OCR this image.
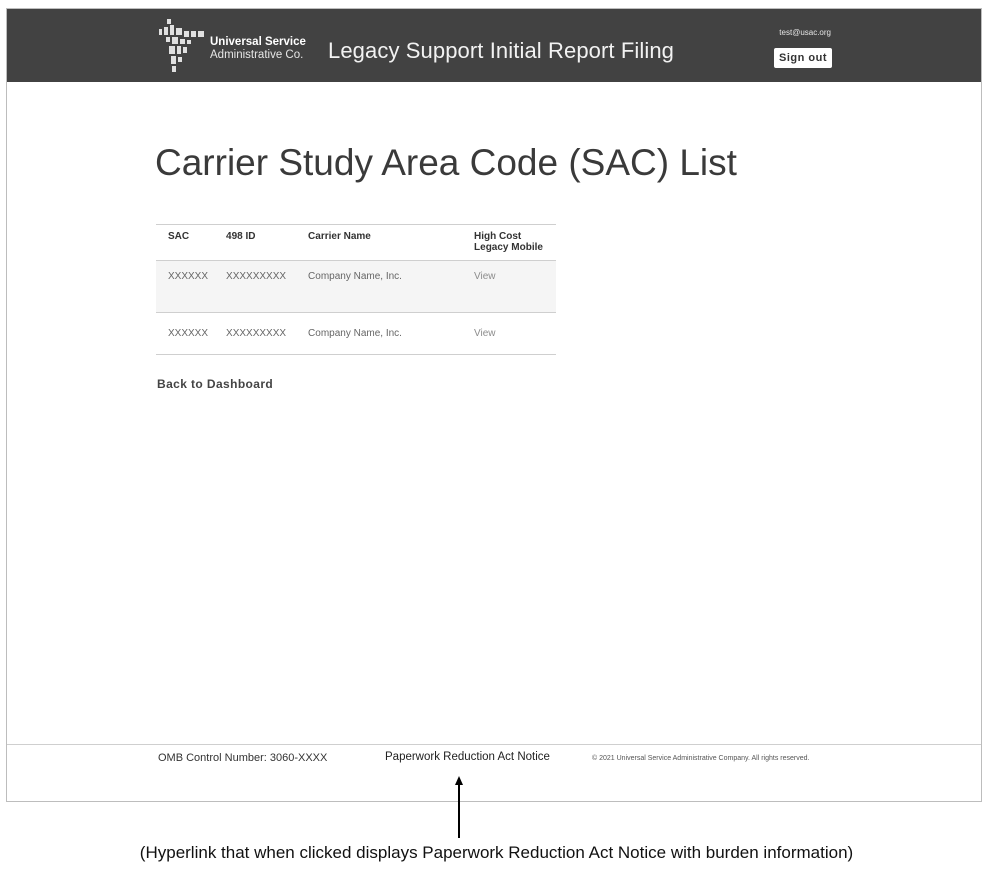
Universal Service
Administrative Co. Legacy Support Initial Report Filing
test@usac.org
Sign out
Carrier Study Area Code (SAC) List
SAC	498 ID	Carrier Name	High Cost Legacy Mobile
XXXXXX	XXXXXXXXX	Company Name, Inc.	View
XXXXXX	XXXXXXXXX	Company Name, Inc.	View
Back to Dashboard
OMB Control Number: 3060-XXXX	Paperwork Reduction Act Notice	© 2021 Universal Service Administrative Company. All rights reserved.
(Hyperlink that when clicked displays Paperwork Reduction Act Notice with burden information)
